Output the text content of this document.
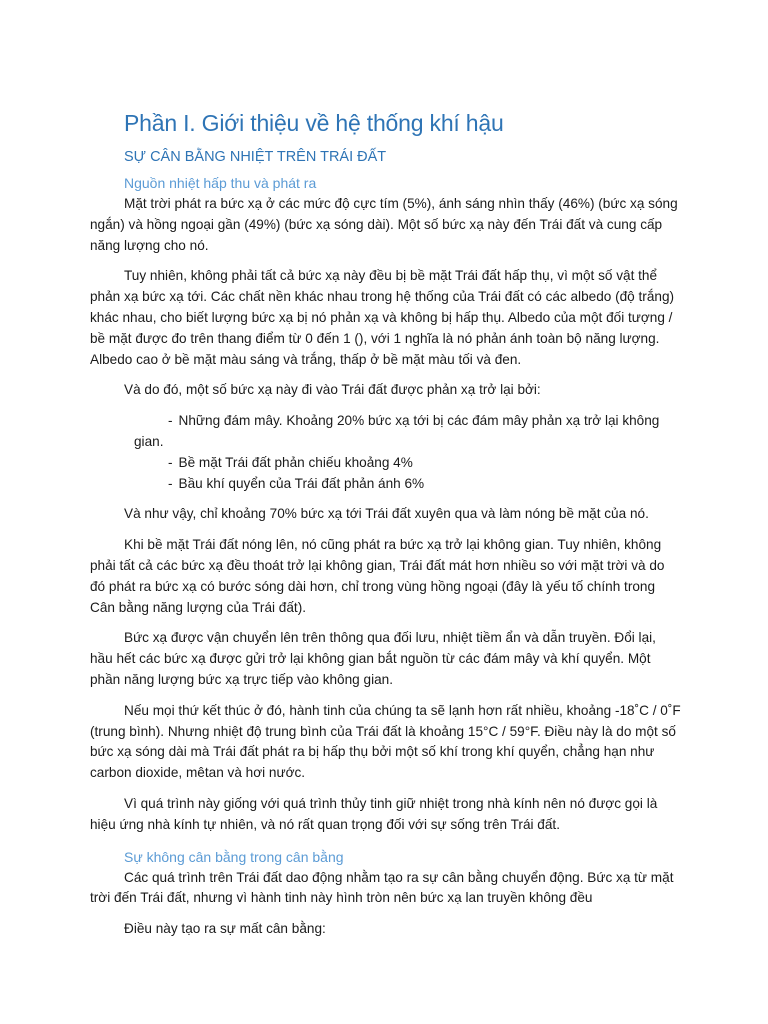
Phần I. Giới thiệu về hệ thống khí hậu
SỰ CÂN BẰNG NHIỆT TRÊN TRÁI ĐẤT
Nguồn nhiệt hấp thu và phát ra

Mặt trời phát ra bức xạ ở các mức độ cực tím (5%), ánh sáng nhìn thấy (46%) (bức xạ sóng ngắn) và hồng ngoại gần (49%) (bức xạ sóng dài). Một số bức xạ này đến Trái đất và cung cấp năng lượng cho nó.

Tuy nhiên, không phải tất cả bức xạ này đều bị bề mặt Trái đất hấp thụ, vì một số vật thể phản xạ bức xạ tới. Các chất nền khác nhau trong hệ thống của Trái đất có các albedo (độ trắng) khác nhau, cho biết lượng bức xạ bị nó phản xạ và không bị hấp thụ. Albedo của một đối tượng / bề mặt được đo trên thang điểm từ 0 đến 1 (), với 1 nghĩa là nó phản ánh toàn bộ năng lượng. Albedo cao ở bề mặt màu sáng và trắng, thấp ở bề mặt màu tối và đen.

Và do đó, một số bức xạ này đi vào Trái đất được phản xạ trở lại bởi:

- Những đám mây. Khoảng 20% bức xạ tới bị các đám mây phản xạ trở lại không gian.
- Bề mặt Trái đất phản chiếu khoảng 4%
- Bầu khí quyển của Trái đất phản ánh 6%

Và như vậy, chỉ khoảng 70% bức xạ tới Trái đất xuyên qua và làm nóng bề mặt của nó.

Khi bề mặt Trái đất nóng lên, nó cũng phát ra bức xạ trở lại không gian. Tuy nhiên, không phải tất cả các bức xạ đều thoát trở lại không gian, Trái đất mát hơn nhiều so với mặt trời và do đó phát ra bức xạ có bước sóng dài hơn, chỉ trong vùng hồng ngoại (đây là yếu tố chính trong Cân bằng năng lượng của Trái đất).

Bức xạ được vận chuyển lên trên thông qua đối lưu, nhiệt tiềm ẩn và dẫn truyền. Đổi lại, hầu hết các bức xạ được gửi trở lại không gian bắt nguồn từ các đám mây và khí quyển. Một phần năng lượng bức xạ trực tiếp vào không gian.

Nếu mọi thứ kết thúc ở đó, hành tinh của chúng ta sẽ lạnh hơn rất nhiều, khoảng -18˚C / 0˚F (trung bình). Nhưng nhiệt độ trung bình của Trái đất là khoảng 15°C / 59°F. Điều này là do một số bức xạ sóng dài mà Trái đất phát ra bị hấp thụ bởi một số khí trong khí quyển, chẳng hạn như carbon dioxide, mêtan và hơi nước.

Vì quá trình này giống với quá trình thủy tinh giữ nhiệt trong nhà kính nên nó được gọi là hiệu ứng nhà kính tự nhiên, và nó rất quan trọng đối với sự sống trên Trái đất.

Sự không cân bằng trong cân bằng

Các quá trình trên Trái đất dao động nhằm tạo ra sự cân bằng chuyển động. Bức xạ từ mặt trời đến Trái đất, nhưng vì hành tinh này hình tròn nên bức xạ lan truyền không đều

Điều này tạo ra sự mất cân bằng:
